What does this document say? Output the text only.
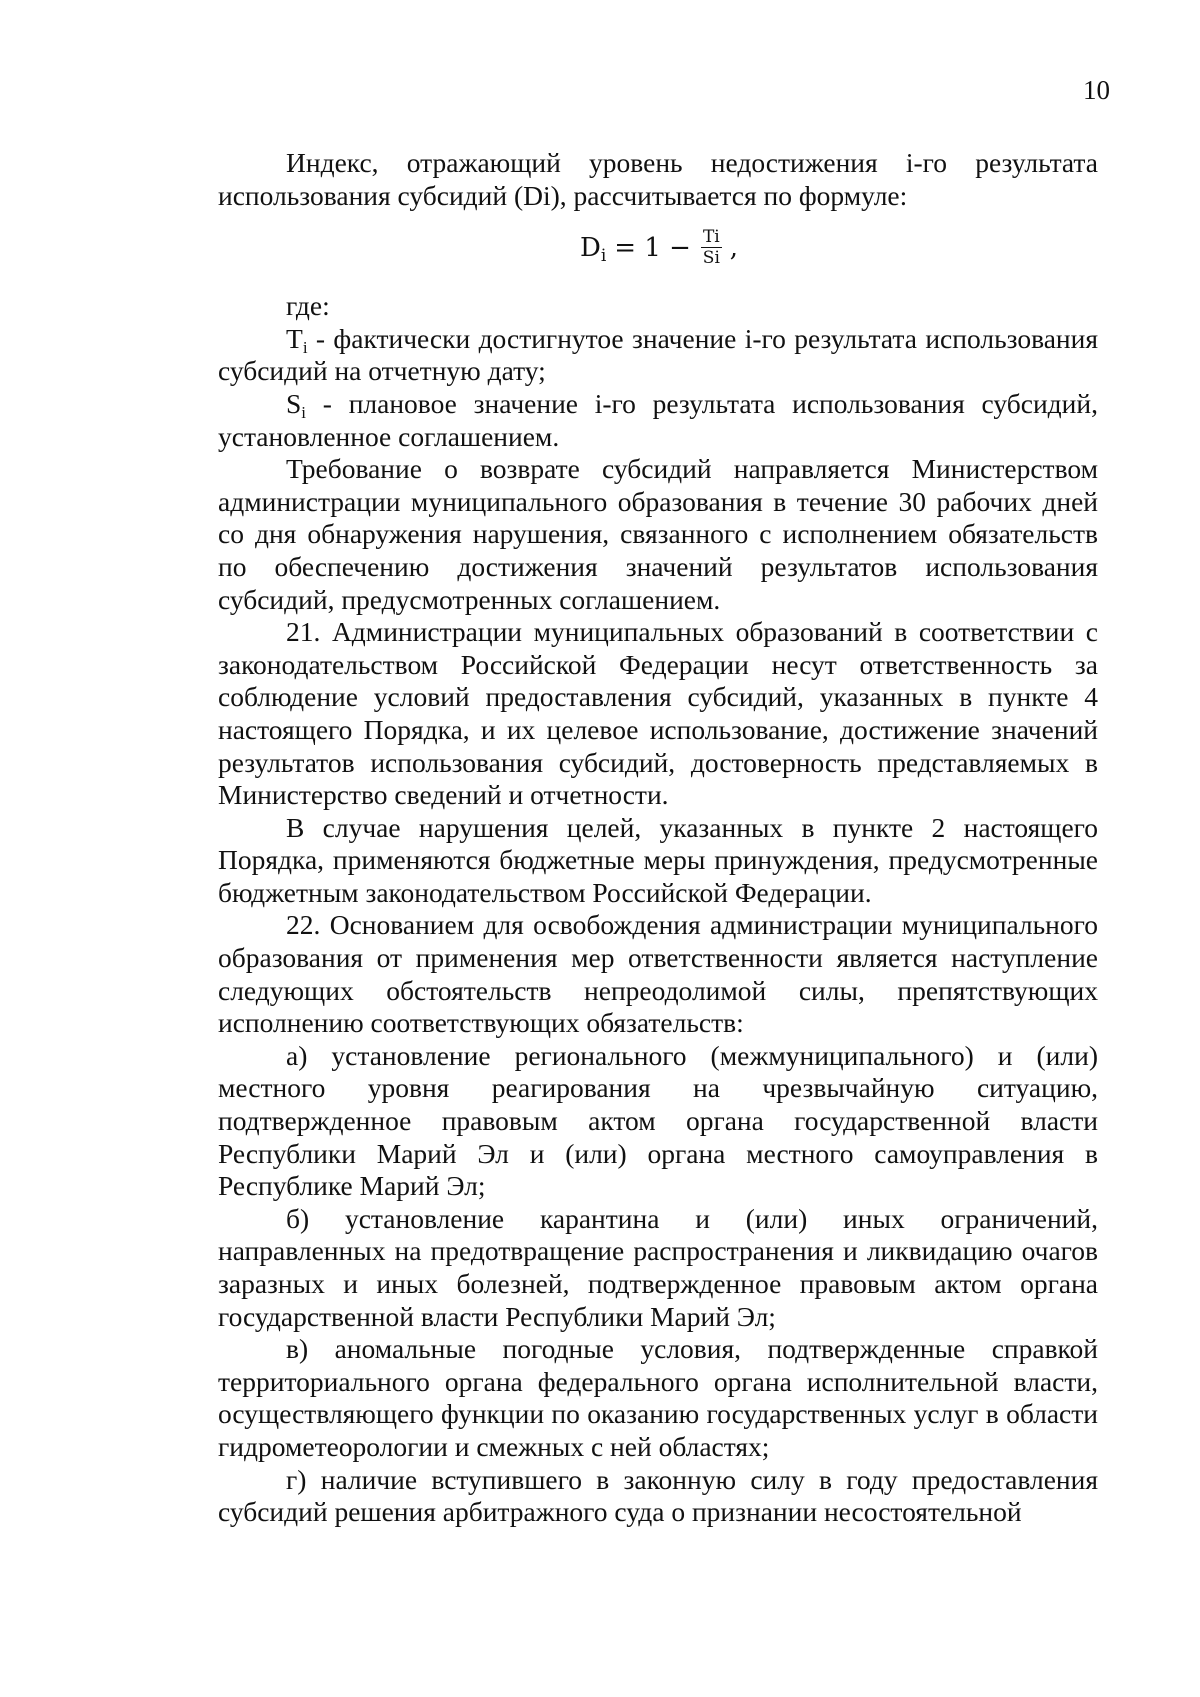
10

Индекс, отражающий уровень недостижения i-го результата использования субсидий (Di), рассчитывается по формуле:

$D_i = 1 - \frac{Ti}{Si}$ ,

где:

$T_i$ - фактически достигнутое значение i-го результата использования субсидий на отчетную дату;

$S_i$ - плановое значение i-го результата использования субсидий, установленное соглашением.

Требование о возврате субсидий направляется Министерством администрации муниципального образования в течение 30 рабочих дней со дня обнаружения нарушения, связанного с исполнением обязательств по обеспечению достижения значений результатов использования субсидий, предусмотренных соглашением.

21. Администрации муниципальных образований в соответствии с законодательством Российской Федерации несут ответственность за соблюдение условий предоставления субсидий, указанных в пункте 4 настоящего Порядка, и их целевое использование, достижение значений результатов использования субсидий, достоверность представляемых в Министерство сведений и отчетности.

В случае нарушения целей, указанных в пункте 2 настоящего Порядка, применяются бюджетные меры принуждения, предусмотренные бюджетным законодательством Российской Федерации.

22. Основанием для освобождения администрации муниципального образования от применения мер ответственности является наступление следующих обстоятельств непреодолимой силы, препятствующих исполнению соответствующих обязательств:

а) установление регионального (межмуниципального) и (или) местного уровня реагирования на чрезвычайную ситуацию, подтвержденное правовым актом органа государственной власти Республики Марий Эл и (или) органа местного самоуправления в Республике Марий Эл;

б) установление карантина и (или) иных ограничений, направленных на предотвращение распространения и ликвидацию очагов заразных и иных болезней, подтвержденное правовым актом органа государственной власти Республики Марий Эл;

в) аномальные погодные условия, подтвержденные справкой территориального органа федерального органа исполнительной власти, осуществляющего функции по оказанию государственных услуг в области гидрометеорологии и смежных с ней областях;

г) наличие вступившего в законную силу в году предоставления субсидий решения арбитражного суда о признании несостоятельной
